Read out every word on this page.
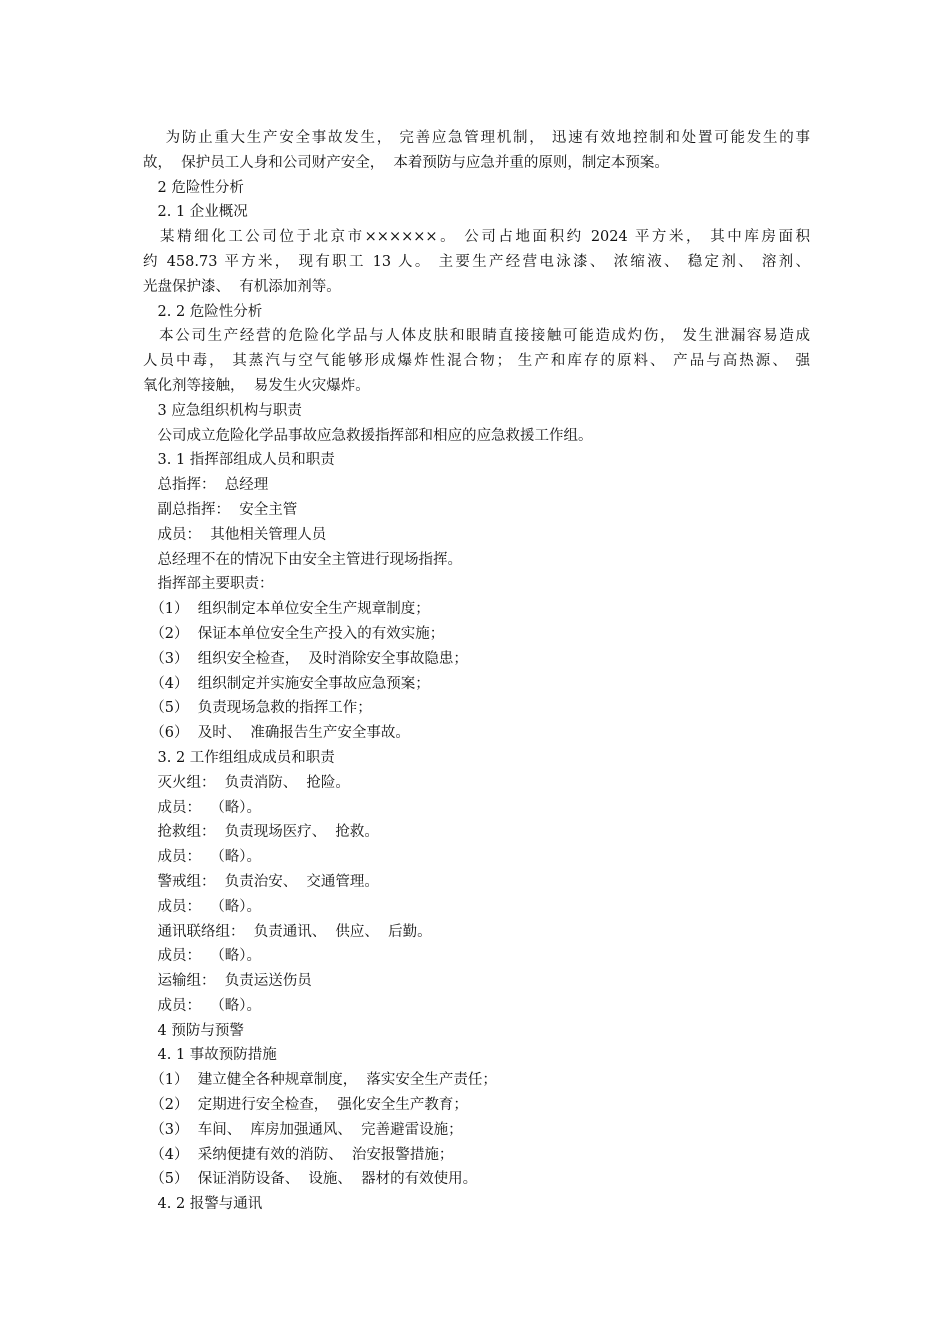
　 为防止重大生产安全事故发生， 完善应急管理机制， 迅速有效地控制和处置可能发生的事
故，  保护员工人身和公司财产安全，  本着预防与应急并重的原则，制定本预案。
　2 危险性分析
　2. 1 企业概况
　某精细化工公司位于北京市××××××。 公司占地面积约 2024 平方米， 其中库房面积
约 458.73 平方米， 现有职工 13 人。 主要生产经营电泳漆、 浓缩液、 稳定剂、 溶剂、
光盘保护漆、  有机添加剂等。
　2. 2 危险性分析
　本公司生产经营的危险化学品与人体皮肤和眼睛直接接触可能造成灼伤， 发生泄漏容易造成
人员中毒， 其蒸汽与空气能够形成爆炸性混合物； 生产和库存的原料、 产品与高热源、 强
氧化剂等接触，  易发生火灾爆炸。
　3 应急组织机构与职责
　公司成立危险化学品事故应急救援指挥部和相应的应急救援工作组。
　3. 1 指挥部组成人员和职责
　总指挥：  总经理
　副总指挥：  安全主管
　成员：  其他相关管理人员
　总经理不在的情况下由安全主管进行现场指挥。
　指挥部主要职责：
　（1）  组织制定本单位安全生产规章制度；
　（2）  保证本单位安全生产投入的有效实施；
　（3）  组织安全检查，  及时消除安全事故隐患；
　（4）  组织制定并实施安全事故应急预案；
　（5）  负责现场急救的指挥工作；
　（6）  及时、  准确报告生产安全事故。
　3. 2 工作组组成成员和职责
　灭火组：  负责消防、  抢险。
　成员：  （略）。
　抢救组：  负责现场医疗、  抢救。
　成员：  （略）。
　警戒组：  负责治安、  交通管理。
　成员：  （略）。
　通讯联络组：  负责通讯、  供应、  后勤。
　成员：  （略）。
　运输组：  负责运送伤员
　成员：  （略）。
　4 预防与预警
　4. 1 事故预防措施
　（1）  建立健全各种规章制度，  落实安全生产责任；
　（2）  定期进行安全检查，  强化安全生产教育；
　（3）  车间、  库房加强通风、  完善避雷设施；
　（4）  采纳便捷有效的消防、  治安报警措施；
　（5）  保证消防设备、  设施、  器材的有效使用。
　4. 2 报警与通讯
